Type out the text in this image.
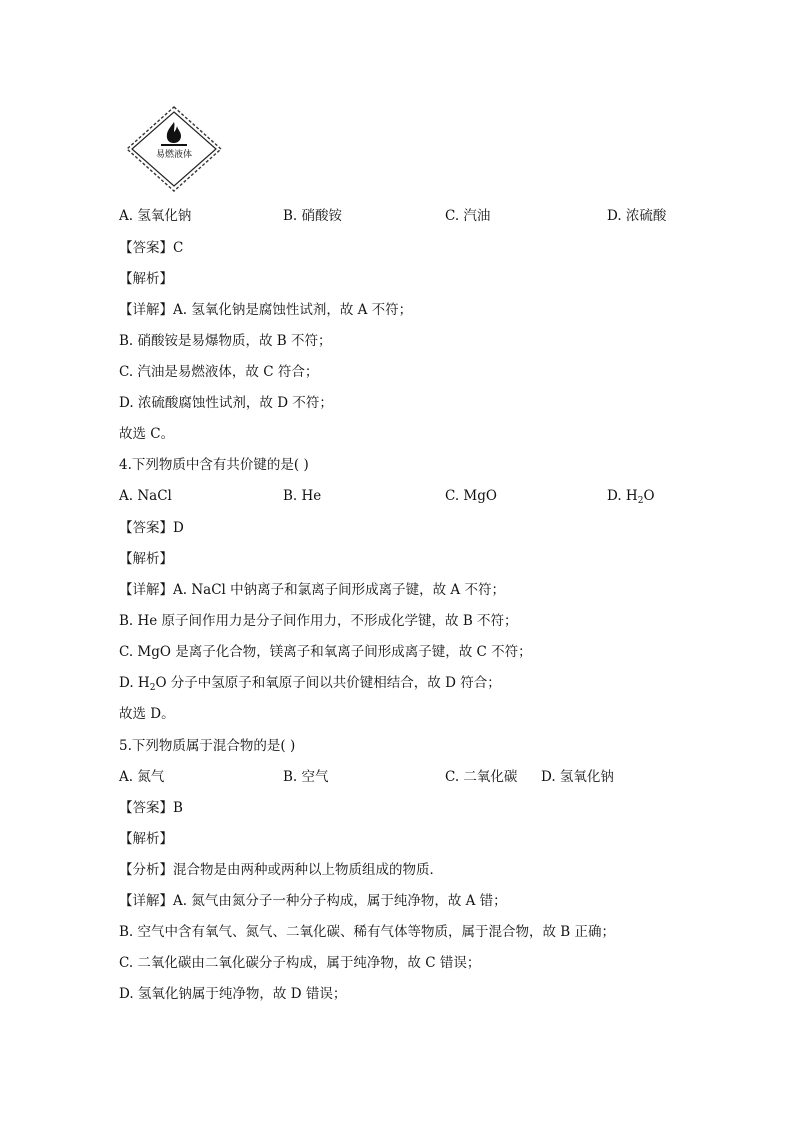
易燃液体
A. 氢氧化钠	B. 硝酸铵	C. 汽油	D. 浓硫酸
【答案】C
【解析】
【详解】A. 氢氧化钠是腐蚀性试剂，故 A 不符；
B. 硝酸铵是易爆物质，故 B 不符；
C. 汽油是易燃液体，故 C 符合；
D. 浓硫酸腐蚀性试剂，故 D 不符；
故选 C。
4.下列物质中含有共价键的是( )
A. NaCl	B. He	C. MgO	D. $H_2O$
【答案】D
【解析】
【详解】A. NaCl 中钠离子和氯离子间形成离子键，故 A 不符；
B. He 原子间作用力是分子间作用力，不形成化学键，故 B 不符；
C. MgO 是离子化合物，镁离子和氧离子间形成离子键，故 C 不符；
D. $H_2O$ 分子中氢原子和氧原子间以共价键相结合，故 D 符合；
故选 D。
5.下列物质属于混合物的是( )
A. 氮气	B. 空气	C. 二氧化碳 D. 氢氧化钠
【答案】B
【解析】
【分析】混合物是由两种或两种以上物质组成的物质．
【详解】A. 氮气由氮分子一种分子构成，属于纯净物，故 A 错；
B. 空气中含有氧气、氮气、二氧化碳、稀有气体等物质，属于混合物，故 B 正确；
C. 二氧化碳由二氧化碳分子构成，属于纯净物，故 C 错误；
D. 氢氧化钠属于纯净物，故 D 错误；
